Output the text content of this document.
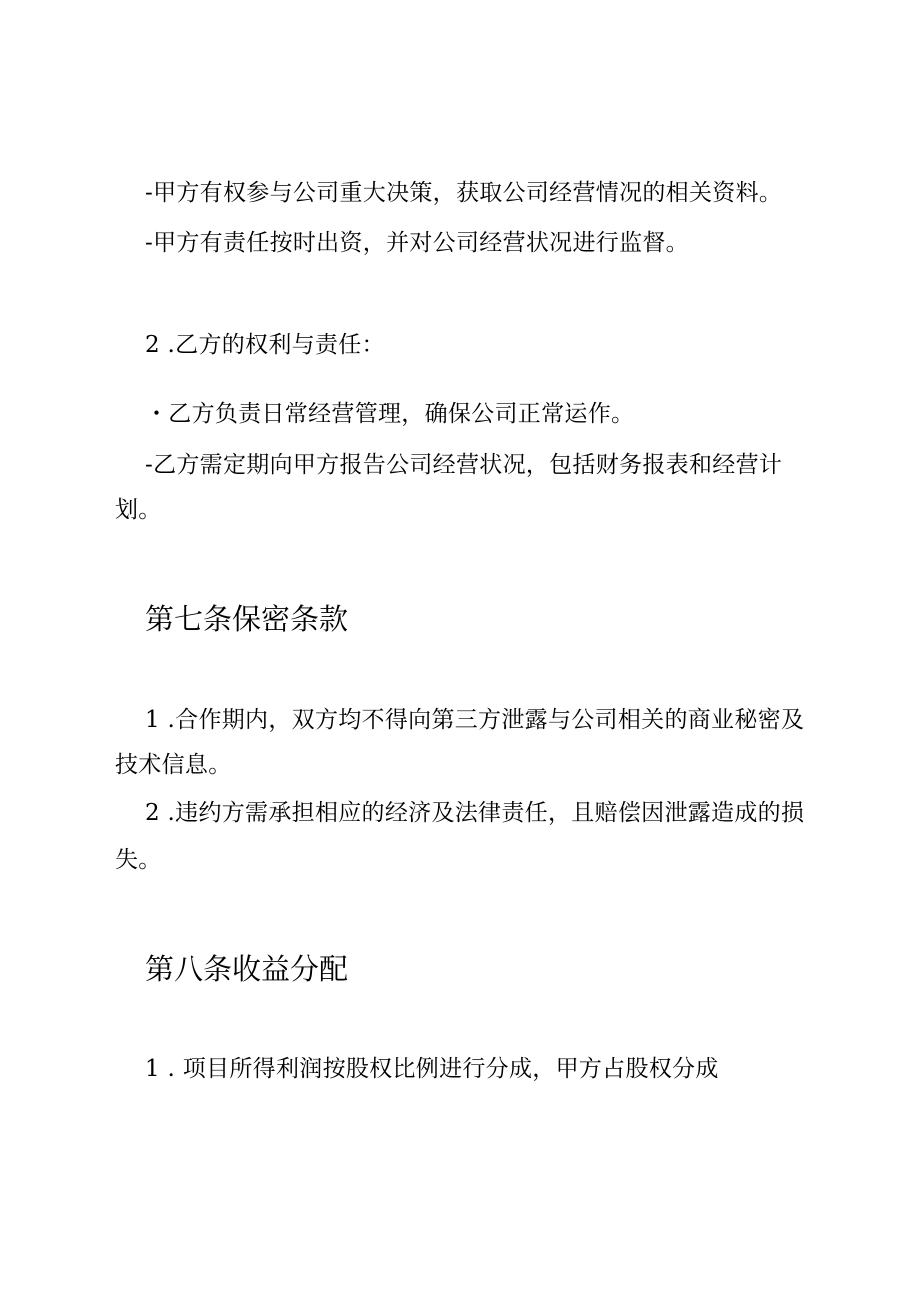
-甲方有权参与公司重大决策，获取公司经营情况的相关资料。

-甲方有责任按时出资，并对公司经营状况进行监督。

2 .乙方的权利与责任：

・乙方负责日常经营管理，确保公司正常运作。

-乙方需定期向甲方报告公司经营状况，包括财务报表和经营计

划。

第七条保密条款

1 .合作期内，双方均不得向第三方泄露与公司相关的商业秘密及

技术信息。

2 .违约方需承担相应的经济及法律责任，且赔偿因泄露造成的损

失。

第八条收益分配

1 . 项目所得利润按股权比例进行分成，甲方占股权分成
